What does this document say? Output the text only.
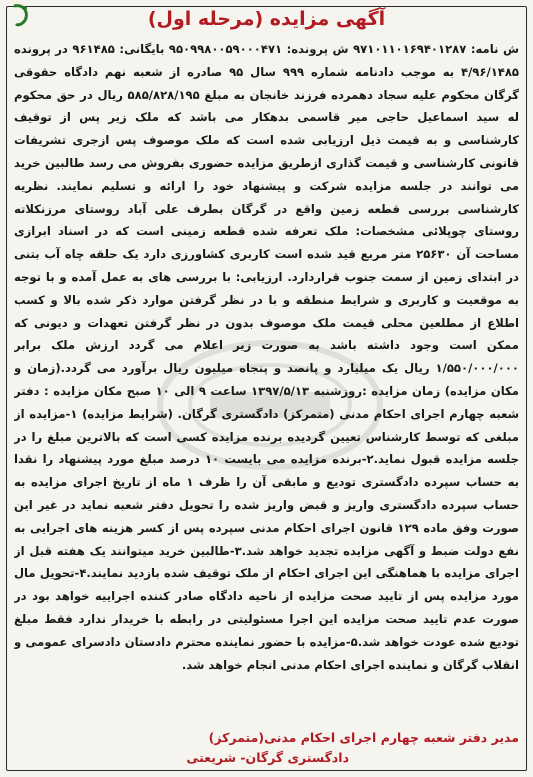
آگهی مزایده (مرحله اول)

ش نامه: ۹۷۱۰۱۱۰۱۶۹۴۰۱۲۸۷ ش پرونده: ۹۵۰۹۹۸۰۰۵۹۰۰۰۴۷۱ بایگانی: ۹۶۱۴۸۵ در پرونده ۴/۹۶/۱۴۸۵ به موجب دادنامه شماره ۹۹۹ سال ۹۵ صادره از شعبه نهم دادگاه حقوقی گرگان محکوم علیه سجاد دهمرده فرزند خانجان به مبلغ ۵۸۵/۸۲۸/۱۹۵ ریال در حق محکوم له سید اسماعیل حاجی میر قاسمی بدهکار می باشد که ملک زیر پس از توقیف کارشناسی و به قیمت ذیل ارزیابی شده است که ملک موصوف پس ازجری تشریفات قانونی کارشناسی و قیمت گذاری ازطریق مزایده حضوری بفروش می رسد طالبین خرید می توانند در جلسه مزایده شرکت و پیشنهاد خود را ارائه و تسلیم نمایند. نظریه کارشناسی بررسی قطعه زمین واقع در گرگان بطرف علی آباد روستای مرزنکلاته روستای چوپلائی مشخصات: ملک تعرفه شده قطعه زمینی است که در اسناد ابرازی مساحت آن ۲۵۶۳۰ متر مربع قید شده است کاربری کشاورزی دارد یک حلقه چاه آب بتنی در ابتدای زمین از سمت جنوب قراردارد. ارزیابی: با بررسی های به عمل آمده و با توجه به موقعیت و کاربری و شرایط منطقه و با در نظر گرفتن موارد ذکر شده بالا و کسب اطلاع از مطلعین محلی قیمت ملک موصوف بدون در نظر گرفتن تعهدات و دیونی که ممکن است وجود داشته باشد به صورت زیر اعلام می گردد ارزش ملک برابر ۱/۵۵۰/۰۰۰/۰۰۰ ریال یک میلیارد و پانصد و پنجاه میلیون ریال برآورد می گردد.(زمان و مکان مزایده) زمان مزایده :روزشنبه ۱۳۹۷/۵/۱۳ ساعت ۹ الی ۱۰ صبح مکان مزایده : دفتر شعبه چهارم اجرای احکام مدنی (متمرکز) دادگستری گرگان. (شرایط مزایده) ۱-مزایده از مبلغی که توسط کارشناس تعیین گردیده برنده مزایده کسی است که بالاترین مبلغ را در جلسه مزایده قبول نماید.۲-برنده مزایده می بایست ۱۰ درصد مبلغ مورد پیشنهاد را نقدا به حساب سپرده دادگستری تودیع و مابقی آن را ظرف ۱ ماه از تاریخ اجرای مزایده به حساب سپرده دادگستری واریز و قبض واریز شده را تحویل دفتر شعبه نماید در غیر این صورت وفق ماده ۱۲۹ قانون اجرای احکام مدنی سپرده پس از کسر هزینه های اجرایی به نفع دولت ضبط و آگهی مزایده تجدید خواهد شد.۳-طالبین خرید میتوانند یک هفته قبل از اجرای مزایده با هماهنگی این اجرای احکام از ملک توقیف شده بازدید نمایند.۴-تحویل مال مورد مزایده پس از تایید صحت مزایده از ناحیه دادگاه صادر کننده اجراییه خواهد بود در صورت عدم تایید صحت مزایده این اجرا مسئولیتی در رابطه با خریدار ندارد فقط مبلغ تودیع شده عودت خواهد شد.۵-مزایده با حضور نماینده محترم دادستان دادسرای عمومی و انقلاب گرگان و نماینده اجرای احکام مدنی انجام خواهد شد.

مدیر دفتر شعبه چهارم اجرای احکام مدنی(متمرکز)
دادگستری گرگان- شریعتی
